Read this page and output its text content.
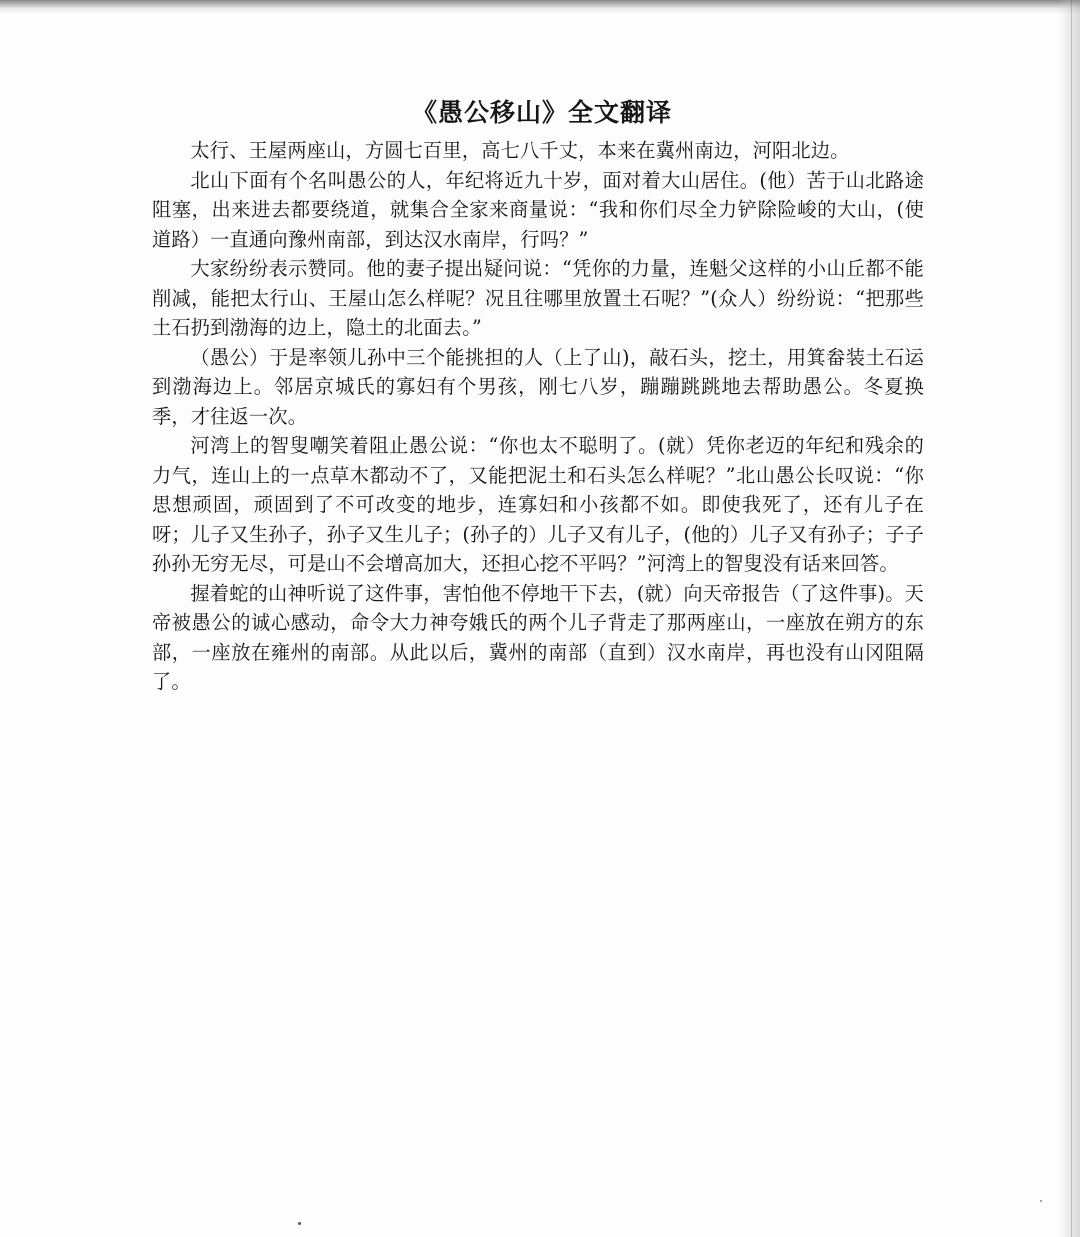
《愚公移山》全文翻译

太行、王屋两座山，方圆七百里，高七八千丈，本来在冀州南边，河阳北边。

北山下面有个名叫愚公的人，年纪将近九十岁，面对着大山居住。(他）苦于山北路途阻塞，出来进去都要绕道，就集合全家来商量说：“我和你们尽全力铲除险峻的大山，(使道路）一直通向豫州南部，到达汉水南岸，行吗？”

大家纷纷表示赞同。他的妻子提出疑问说：“凭你的力量，连魁父这样的小山丘都不能削减，能把太行山、王屋山怎么样呢？况且往哪里放置土石呢？”(众人）纷纷说：“把那些土石扔到渤海的边上，隐土的北面去。”

（愚公）于是率领儿孙中三个能挑担的人（上了山)，敲石头，挖土，用箕畚装土石运到渤海边上。邻居京城氏的寡妇有个男孩，刚七八岁，蹦蹦跳跳地去帮助愚公。冬夏换季，才往返一次。

河湾上的智叟嘲笑着阻止愚公说：“你也太不聪明了。(就）凭你老迈的年纪和残余的力气，连山上的一点草木都动不了，又能把泥土和石头怎么样呢？”北山愚公长叹说：“你思想顽固，顽固到了不可改变的地步，连寡妇和小孩都不如。即使我死了，还有儿子在呀；儿子又生孙子，孙子又生儿子；(孙子的）儿子又有儿子，(他的）儿子又有孙子；子子孙孙无穷无尽，可是山不会增高加大，还担心挖不平吗？”河湾上的智叟没有话来回答。

握着蛇的山神听说了这件事，害怕他不停地干下去，(就）向天帝报告（了这件事)。天帝被愚公的诚心感动，命令大力神夸娥氏的两个儿子背走了那两座山，一座放在朔方的东部，一座放在雍州的南部。从此以后，冀州的南部（直到）汉水南岸，再也没有山冈阻隔了。
